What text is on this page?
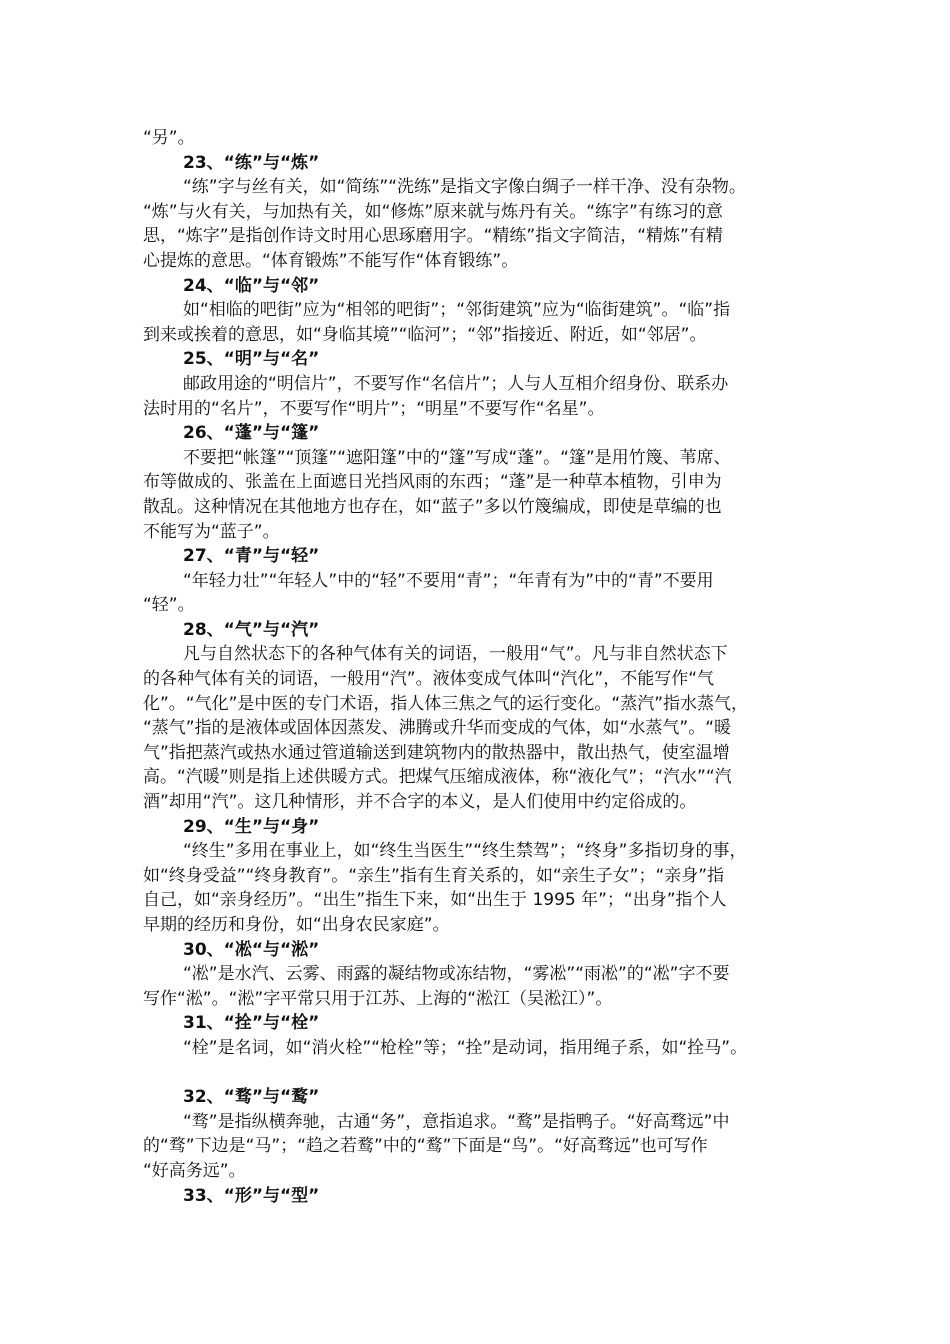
“另”。
23、“练”与“炼”
“练”字与丝有关，如“简练”“洗练”是指文字像白绸子一样干净、没有杂物。
“炼”与火有关，与加热有关，如“修炼”原来就与炼丹有关。“练字”有练习的意
思，“炼字”是指创作诗文时用心思琢磨用字。“精练”指文字简洁，“精炼”有精
心提炼的意思。“体育锻炼”不能写作“体育锻练”。
24、“临”与“邻”
如“相临的吧街”应为“相邻的吧街”；“邻街建筑”应为“临街建筑”。“临”指
到来或挨着的意思，如“身临其境”“临河”；“邻”指接近、附近，如“邻居”。
25、“明”与“名”
邮政用途的“明信片”，不要写作“名信片”；人与人互相介绍身份、联系办
法时用的“名片”，不要写作“明片”；“明星”不要写作“名星”。
26、“蓬”与“篷”
不要把“帐篷”“顶篷”“遮阳篷”中的“篷”写成“蓬”。“篷”是用竹篾、苇席、
布等做成的、张盖在上面遮日光挡风雨的东西；“蓬”是一种草本植物，引申为
散乱。这种情况在其他地方也存在，如“蓝子”多以竹篾编成，即使是草编的也
不能写为“蓝子”。
27、“青”与“轻”
“年轻力壮”“年轻人”中的“轻”不要用“青”；“年青有为”中的“青”不要用
“轻”。
28、“气”与“汽”
凡与自然状态下的各种气体有关的词语，一般用“气”。凡与非自然状态下
的各种气体有关的词语，一般用“汽”。液体变成气体叫“汽化”，不能写作“气
化”。“气化”是中医的专门术语，指人体三焦之气的运行变化。“蒸汽”指水蒸气，
“蒸气”指的是液体或固体因蒸发、沸腾或升华而变成的气体，如“水蒸气”。“暖
气”指把蒸汽或热水通过管道输送到建筑物内的散热器中，散出热气，使室温增
高。“汽暖”则是指上述供暖方式。把煤气压缩成液体，称“液化气”；“汽水”“汽
酒”却用“汽”。这几种情形，并不合字的本义，是人们使用中约定俗成的。
29、“生”与“身”
“终生”多用在事业上，如“终生当医生”“终生禁驾”；“终身”多指切身的事，
如“终身受益”“终身教育”。“亲生”指有生育关系的，如“亲生子女”；“亲身”指
自己，如“亲身经历”。“出生”指生下来，如“出生于 1995 年”；“出身”指个人
早期的经历和身份，如“出身农民家庭”。
30、“凇“与“淞”
“凇”是水汽、云雾、雨露的凝结物或冻结物，“雾凇”“雨凇”的“凇”字不要
写作“淞”。“淞”字平常只用于江苏、上海的“淞江（吴淞江）”。
31、“拴”与“栓”
“栓”是名词，如“消火栓”“枪栓”等；“拴”是动词，指用绳子系，如“拴马”。
32、“骛”与“鹜”
“骛”是指纵横奔驰，古通“务”，意指追求。“鹜”是指鸭子。“好高骛远”中
的“骛”下边是“马”；“趋之若鹜”中的“鹜”下面是“鸟”。“好高骛远”也可写作
“好高务远”。
33、“形”与“型”
